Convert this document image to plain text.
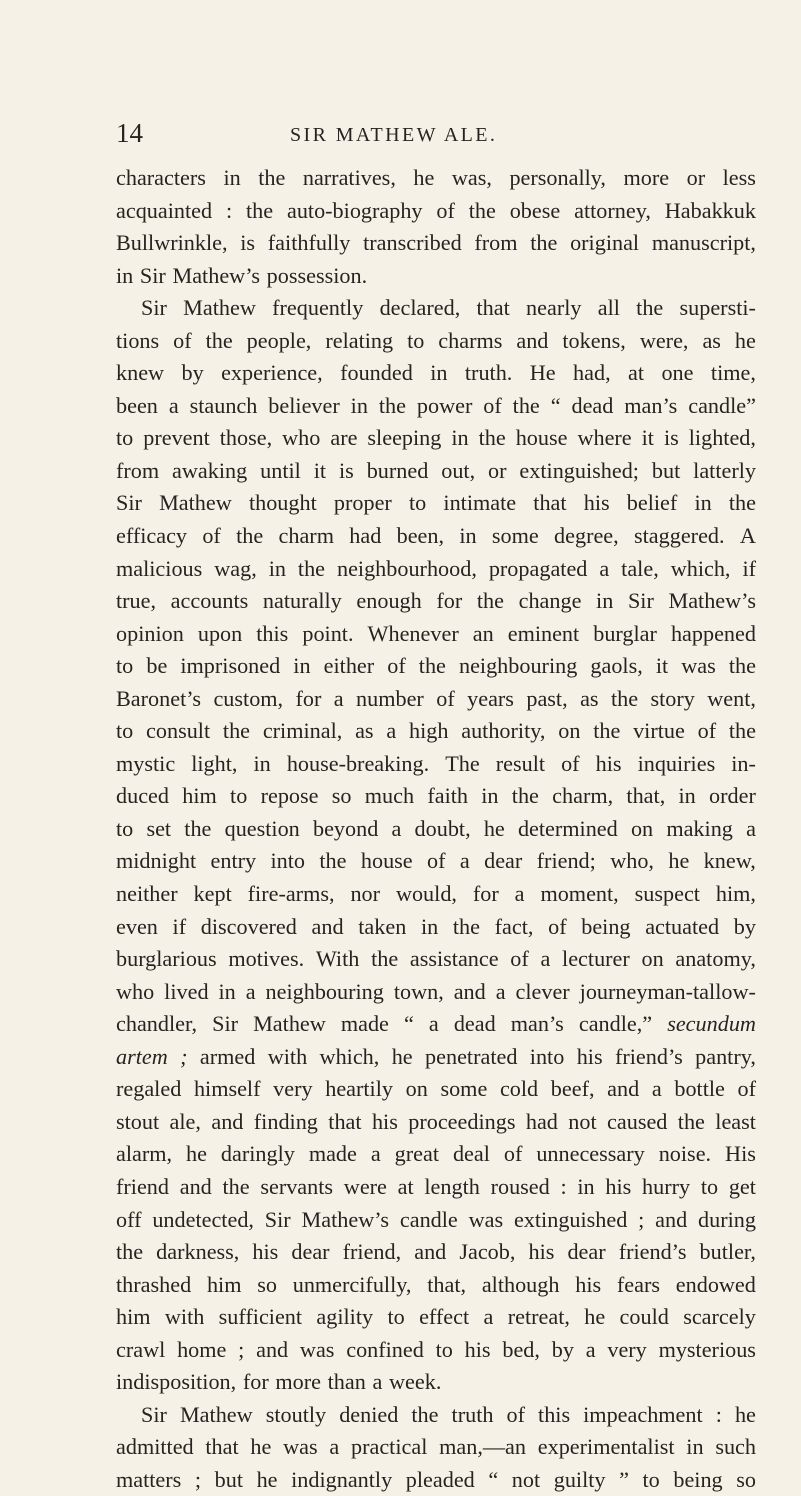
14	SIR MATHEW ALE.
characters in the narratives, he was, personally, more or less
acquainted : the auto-biography of the obese attorney, Habakkuk
Bullwrinkle, is faithfully transcribed from the original manuscript,
in Sir Mathew’s possession.
Sir Mathew frequently declared, that nearly all the supersti-
tions of the people, relating to charms and tokens, were, as he
knew by experience, founded in truth. He had, at one time,
been a staunch believer in the power of the “ dead man’s candle”
to prevent those, who are sleeping in the house where it is lighted,
from awaking until it is burned out, or extinguished; but latterly
Sir Mathew thought proper to intimate that his belief in the
efficacy of the charm had been, in some degree, staggered. A
malicious wag, in the neighbourhood, propagated a tale, which, if
true, accounts naturally enough for the change in Sir Mathew’s
opinion upon this point. Whenever an eminent burglar happened
to be imprisoned in either of the neighbouring gaols, it was the
Baronet’s custom, for a number of years past, as the story went,
to consult the criminal, as a high authority, on the virtue of the
mystic light, in house-breaking. The result of his inquiries in-
duced him to repose so much faith in the charm, that, in order
to set the question beyond a doubt, he determined on making a
midnight entry into the house of a dear friend; who, he knew,
neither kept fire-arms, nor would, for a moment, suspect him,
even if discovered and taken in the fact, of being actuated by
burglarious motives. With the assistance of a lecturer on anatomy,
who lived in a neighbouring town, and a clever journeyman-tallow-
chandler, Sir Mathew made “ a dead man’s candle,” secundum
artem ; armed with which, he penetrated into his friend’s pantry,
regaled himself very heartily on some cold beef, and a bottle of
stout ale, and finding that his proceedings had not caused the least
alarm, he daringly made a great deal of unnecessary noise. His
friend and the servants were at length roused : in his hurry to get
off undetected, Sir Mathew’s candle was extinguished ; and during
the darkness, his dear friend, and Jacob, his dear friend’s butler,
thrashed him so unmercifully, that, although his fears endowed
him with sufficient agility to effect a retreat, he could scarcely
crawl home ; and was confined to his bed, by a very mysterious
indisposition, for more than a week.
Sir Mathew stoutly denied the truth of this impeachment : he
admitted that he was a practical man,—an experimentalist in such
matters ; but he indignantly pleaded “ not guilty ” to being so
